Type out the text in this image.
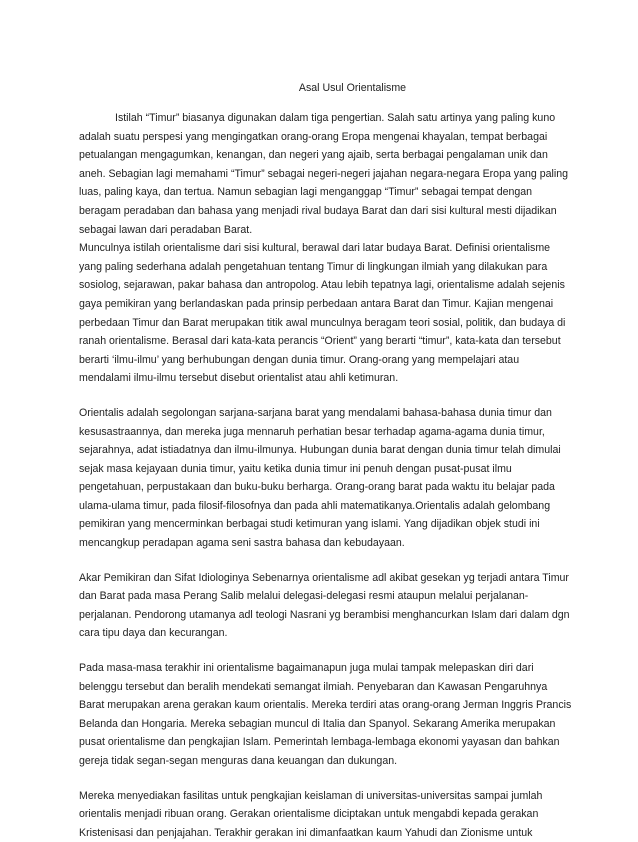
Asal Usul Orientalisme

Istilah “Timur” biasanya digunakan dalam tiga pengertian. Salah satu artinya yang paling kuno
adalah suatu perspesi yang mengingatkan orang-orang Eropa mengenai khayalan, tempat berbagai
petualangan mengagumkan, kenangan, dan negeri yang ajaib, serta berbagai pengalaman unik dan
aneh. Sebagian lagi memahami “Timur” sebagai negeri-negeri jajahan negara-negara Eropa yang paling
luas, paling kaya, dan tertua. Namun sebagian lagi menganggap “Timur” sebagai tempat dengan
beragam peradaban dan bahasa yang menjadi rival budaya Barat dan dari sisi kultural mesti dijadikan
sebagai lawan dari peradaban Barat.
Munculnya istilah orientalisme dari sisi kultural, berawal dari latar budaya Barat. Definisi orientalisme
yang paling sederhana adalah pengetahuan tentang Timur di lingkungan ilmiah yang dilakukan para
sosiolog, sejarawan, pakar bahasa dan antropolog. Atau lebih tepatnya lagi, orientalisme adalah sejenis
gaya pemikiran yang berlandaskan pada prinsip perbedaan antara Barat dan Timur. Kajian mengenai
perbedaan Timur dan Barat merupakan titik awal munculnya beragam teori sosial, politik, dan budaya di
ranah orientalisme. Berasal dari kata-kata perancis “Orient” yang berarti “timur”, kata-kata dan tersebut
berarti ‘ilmu-ilmu’ yang berhubungan dengan dunia timur. Orang-orang yang mempelajari atau
mendalami ilmu-ilmu tersebut disebut orientalist atau ahli ketimuran.

Orientalis adalah segolongan sarjana-sarjana barat yang mendalami bahasa-bahasa dunia timur dan
kesusastraannya, dan mereka juga mennaruh perhatian besar terhadap agama-agama dunia timur,
sejarahnya, adat istiadatnya dan ilmu-ilmunya. Hubungan dunia barat dengan dunia timur telah dimulai
sejak masa kejayaan dunia timur, yaitu ketika dunia timur ini penuh dengan pusat-pusat ilmu
pengetahuan, perpustakaan dan buku-buku berharga. Orang-orang barat pada waktu itu belajar pada
ulama-ulama timur, pada filosif-filosofnya dan pada ahli matematikanya.Orientalis adalah gelombang
pemikiran yang mencerminkan berbagai studi ketimuran yang islami. Yang dijadikan objek studi ini
mencangkup peradapan agama seni sastra bahasa dan kebudayaan.

Akar Pemikiran dan Sifat Idiologinya Sebenarnya orientalisme adl akibat gesekan yg terjadi antara Timur
dan Barat pada masa Perang Salib melalui delegasi-delegasi resmi ataupun melalui perjalanan-
perjalanan. Pendorong utamanya adl teologi Nasrani yg berambisi menghancurkan Islam dari dalam dgn
cara tipu daya dan kecurangan.

Pada masa-masa terakhir ini orientalisme bagaimanapun juga mulai tampak melepaskan diri dari
belenggu tersebut dan beralih mendekati semangat ilmiah. Penyebaran dan Kawasan Pengaruhnya
Barat merupakan arena gerakan kaum orientalis. Mereka terdiri atas orang-orang Jerman Inggris Prancis
Belanda dan Hongaria. Mereka sebagian muncul di Italia dan Spanyol. Sekarang Amerika merupakan
pusat orientalisme dan pengkajian Islam. Pemerintah lembaga-lembaga ekonomi yayasan dan bahkan
gereja tidak segan-segan menguras dana keuangan dan dukungan.

Mereka menyediakan fasilitas untuk pengkajian keislaman di universitas-universitas sampai jumlah
orientalis menjadi ribuan orang. Gerakan orientalisme diciptakan untuk mengabdi kepada gerakan
Kristenisasi dan penjajahan. Terakhir gerakan ini dimanfaatkan kaum Yahudi dan Zionisme untuk
